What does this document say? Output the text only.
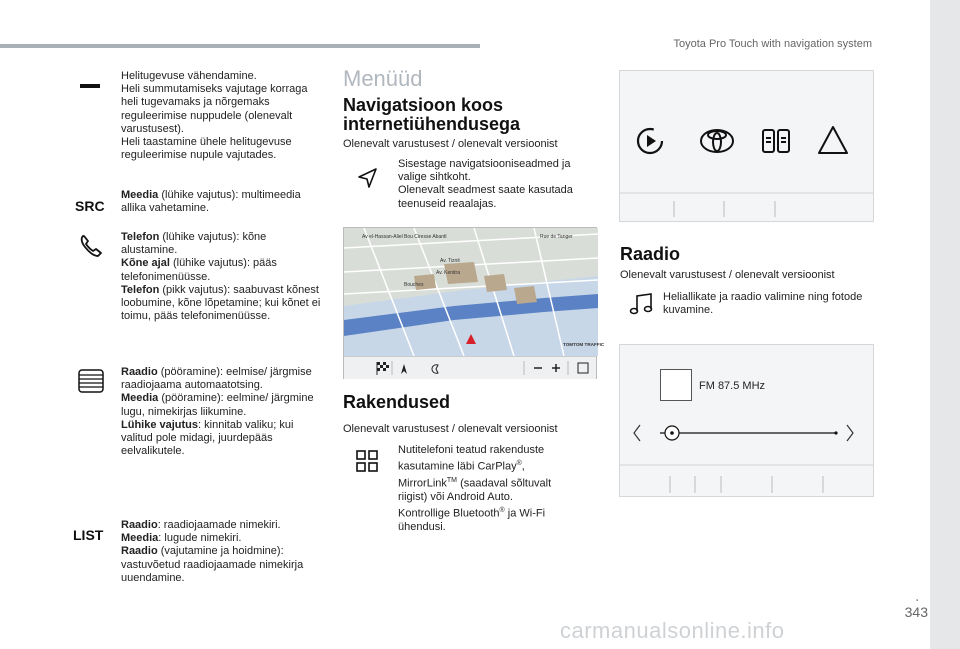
Toyota Pro Touch with navigation system
.
343
Helitugevuse vähendamine.
Heli summutamiseks vajutage korraga heli tugevamaks ja nõrgemaks reguleerimise nuppudele (olenevalt varustusest).
Heli taastamine ühele helitugevuse reguleerimise nupule vajutades.
SRC
Meedia (lühike vajutus): multimeedia allika vahetamine.
Telefon (lühike vajutus): kõne alustamine.
Kõne ajal (lühike vajutus): pääs telefonimenüüsse.
Telefon (pikk vajutus): saabuvast kõnest loobumine, kõne lõpetamine; kui kõnet ei toimu, pääs telefonimenüüsse.
Raadio (pööramine): eelmise/ järgmise raadiojaama automaatotsing.
Meedia (pööramine): eelmine/ järgmine lugu, nimekirjas liikumine.
Lühike vajutus: kinnitab valiku; kui valitud pole midagi, juurdepääs eelvalikutele.
LIST
Raadio: raadiojaamade nimekiri.
Meedia: lugude nimekiri.
Raadio (vajutamine ja hoidmine): vastuvõetud raadiojaamade nimekirja uuendamine.
Menüüd
Navigatsioon koos internetiühendusega
Olenevalt varustusest / olenevalt versioonist
Sisestage navigatsiooniseadmed ja valige sihtkoht.
Olenevalt seadmest saate kasutada teenuseid reaalajas.
Av el-Hassan-Aliel Bou Ciresse Abantl	Rue de Tanger
Av. Tiznit
Av. Kenitra
Bouches
TOMTOM TRAFFIC
Rakendused
Olenevalt varustusest / olenevalt versioonist
Nutitelefoni teatud rakenduste kasutamine läbi CarPlay®, MirrorLink™ (saadaval sõltuvalt riigist) või Android Auto.
Kontrollige Bluetooth® ja Wi-Fi ühendusi.
Raadio
Olenevalt varustusest / olenevalt versioonist
Heliallikate ja raadio valimine ning fotode kuvamine.
FM 87.5 MHz
carmanualsonline.info
